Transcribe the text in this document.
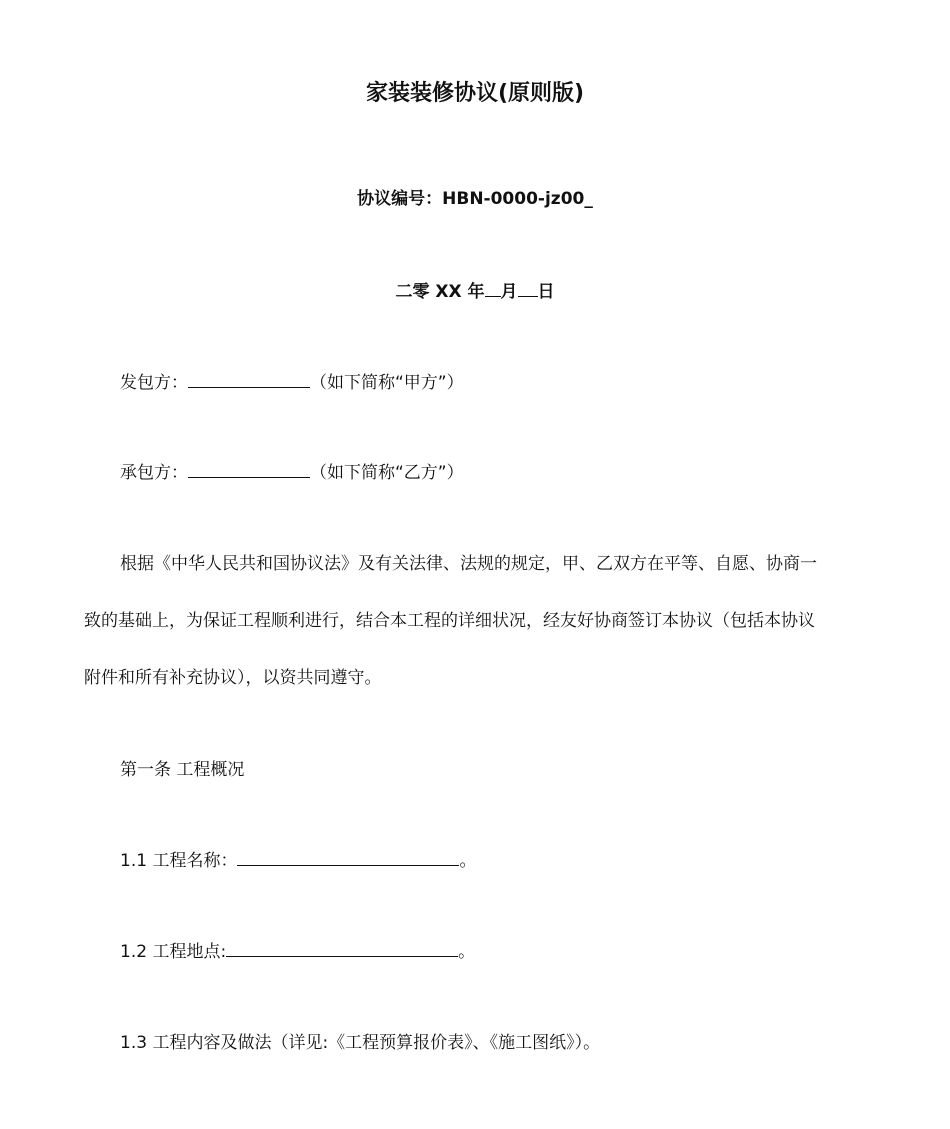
家装装修协议(原则版)
协议编号：HBN-0000-jz00_
二零 XX 年 月 日
发包方：	（如下简称“甲方”）
承包方：	（如下简称“乙方”）
根据《中华人民共和国协议法》及有关法律、法规的规定，甲、乙双方在平等、自愿、协商一
致的基础上，为保证工程顺利进行，结合本工程的详细状况，经友好协商签订本协议（包括本协议
附件和所有补充协议），以资共同遵守。
第一条 工程概况
1.1 工程名称：	。
1.2 工程地点:	。
1.3 工程内容及做法（详见:《工程预算报价表》、《施工图纸》）。
